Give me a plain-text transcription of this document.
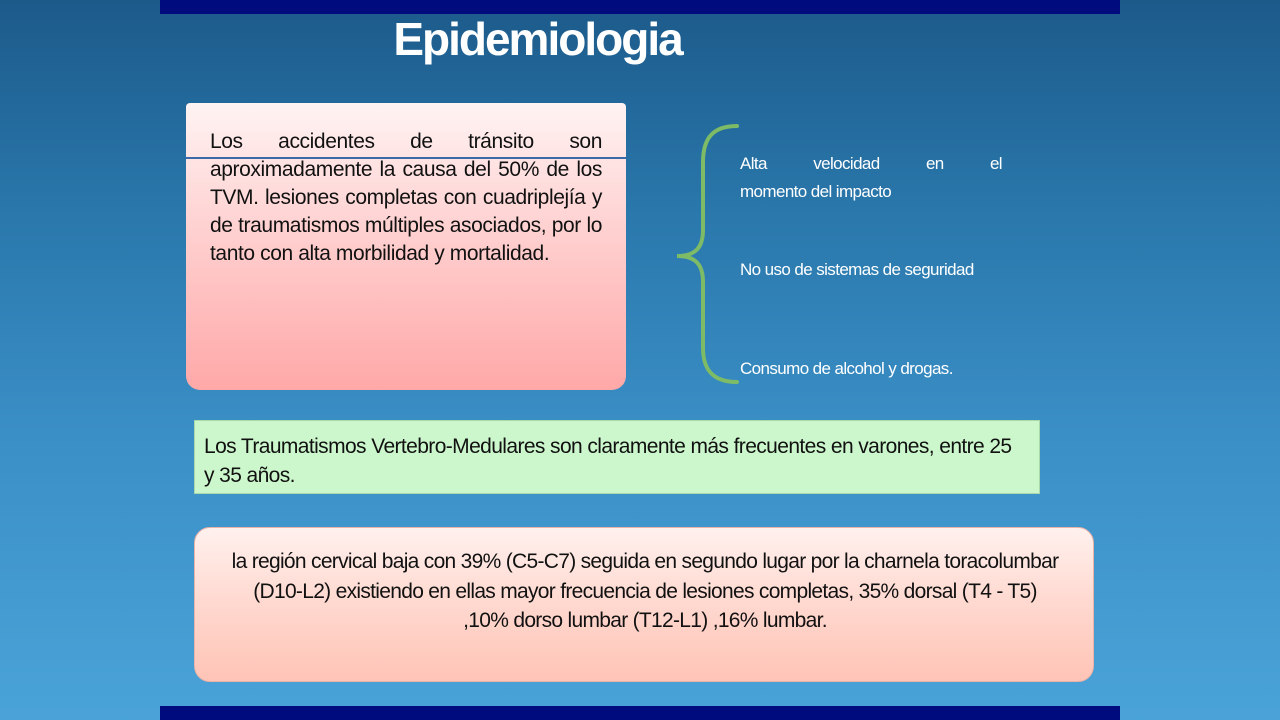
Epidemiologia
Los accidentes de tránsito son aproximadamente la causa del 50% de los TVM. lesiones completas con cuadriplejía y de traumatismos múltiples asociados, por lo tanto con alta morbilidad y mortalidad.
Alta	velocidad	en	el
momento del impacto
No uso de sistemas de seguridad
Consumo de alcohol y drogas.
Los Traumatismos Vertebro-Medulares son claramente más frecuentes en varones, entre 25 y 35 años.
la región cervical baja con 39% (C5-C7) seguida en segundo lugar por la charnela toracolumbar (D10-L2) existiendo en ellas mayor frecuencia de lesiones completas, 35% dorsal (T4 - T5) ,10% dorso lumbar (T12-L1) ,16% lumbar.
